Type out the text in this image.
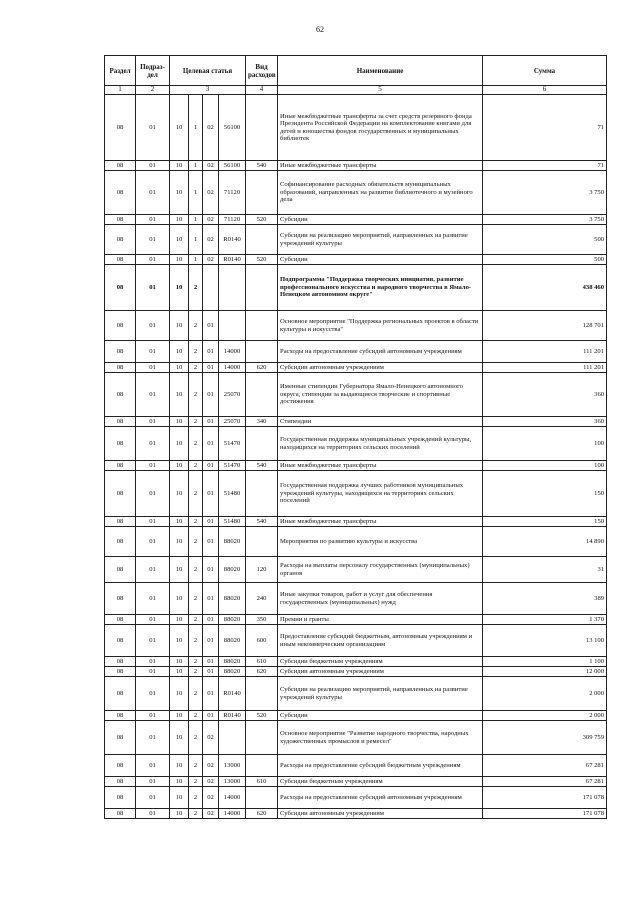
62
Раздел	Подраз-дел	Целевая статья				Вид расходов	Наименование	Сумма
1	2	3				4	5	6
08	01	10	1	02	56100		Иные межбюджетные трансферты за счет средств резервного фонда Президента Российской Федерации на комплектование книгами для детей и юношества фондов государственных и муниципальных библиотек	71
08	01	10	1	02	56100	540	Иные межбюджетные трансферты	71
08	01	10	1	02	71120		Софинансирование расходных обязательств муниципальных образований, направленных на развитие библиотечного и музейного дела	3 750
08	01	10	1	02	71120	520	Субсидии	3 750
08	01	10	1	02	R0140		Субсидии на реализацию мероприятий, направленных на развитие учреждений культуры	500
08	01	10	1	02	R0140	520	Субсидии	500
08	01	10	2				Подпрограмма "Поддержка творческих инициатив, развитие профессионального искусства и народного творчества в Ямало-Ненецком автономном округе"	438 460
08	01	10	2	01			Основное мероприятие "Поддержка региональных проектов в области культуры и искусства"	128 701
08	01	10	2	01	14000		Расходы на предоставление субсидий автономным учреждениям	111 201
08	01	10	2	01	14000	620	Субсидии автономным учреждениям	111 201
08	01	10	2	01	25070		Именные стипендии Губернатора Ямало-Ненецкого автономного округа, стипендии за выдающиеся творческие и спортивные достижения	360
08	01	10	2	01	25070	340	Стипендии	360
08	01	10	2	01	51470		Государственная поддержка муниципальных учреждений культуры, находящихся на территориях сельских поселений	100
08	01	10	2	01	51470	540	Иные межбюджетные трансферты	100
08	01	10	2	01	51480		Государственная поддержка лучших работников муниципальных учреждений культуры, находящихся на территориях сельских поселений	150
08	01	10	2	01	51480	540	Иные межбюджетные трансферты	150
08	01	10	2	01	88020		Мероприятия по развитию культуры и искусства	14 890
08	01	10	2	01	88020	120	Расходы на выплаты персоналу государственных (муниципальных) органов	31
08	01	10	2	01	88020	240	Иные закупки товаров, работ и услуг для обеспечения государственных (муниципальных) нужд	389
08	01	10	2	01	88020	350	Премии и гранты	1 370
08	01	10	2	01	88020	600	Предоставление субсидий бюджетным, автономным учреждениям и иным некоммерческим организациям	13 100
08	01	10	2	01	88020	610	Субсидии бюджетным учреждениям	1 100
08	01	10	2	01	88020	620	Субсидии автономным учреждениям	12 000
08	01	10	2	01	R0140		Субсидии на реализацию мероприятий, направленных на развитие учреждений культуры	2 000
08	01	10	2	01	R0140	520	Субсидии	2 000
08	01	10	2	02			Основное мероприятие "Развитие народного творчества, народных художественных промыслов и ремесел"	309 759
08	01	10	2	02	13000		Расходы на предоставление субсидий бюджетным учреждениям	67 281
08	01	10	2	02	13000	610	Субсидии бюджетным учреждениям	67 281
08	01	10	2	02	14000		Расходы на предоставление субсидий автономным учреждениям	171 078
08	01	10	2	02	14000	620	Субсидии автономным учреждениям	171 078
